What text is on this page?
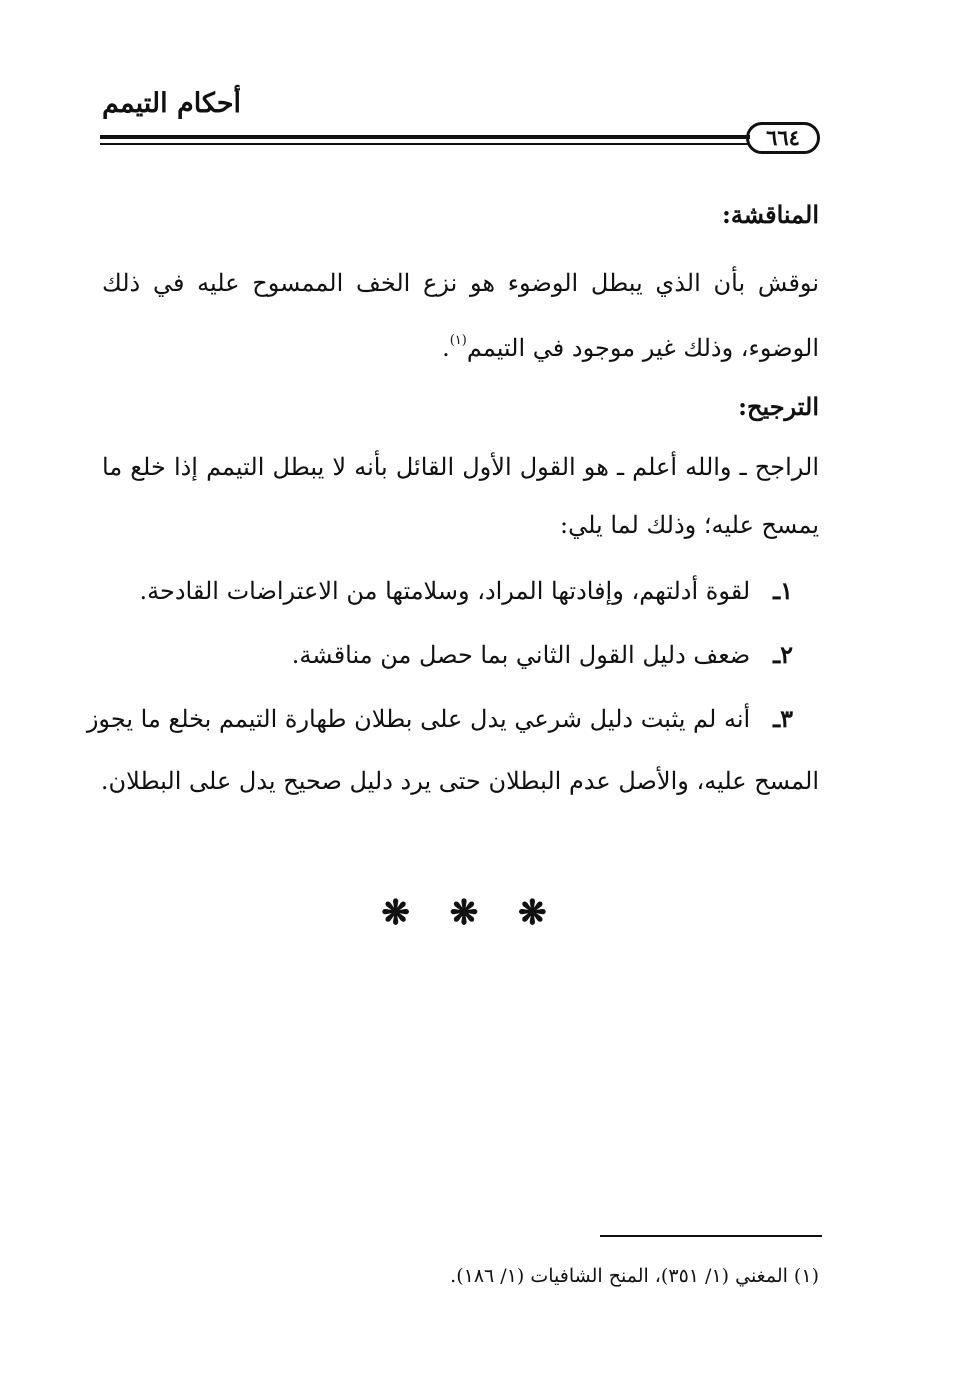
أحكام التيمم
٦٦٤
المناقشة:
نوقش بأن الذي يبطل الوضوء هو نزع الخف الممسوح عليه في ذلك
الوضوء، وذلك غير موجود في التيمم$^{(١)}$.
الترجيح:
الراجح ـ والله أعلم ـ هو القول الأول القائل بأنه لا يبطل التيمم إذا خلع ما
يمسح عليه؛ وذلك لما يلي:
١ـ   لقوة أدلتهم، وإفادتها المراد، وسلامتها من الاعتراضات القادحة.
٢ـ   ضعف دليل القول الثاني بما حصل من مناقشة.
٣ـ   أنه لم يثبت دليل شرعي يدل على بطلان طهارة التيمم بخلع ما يجوز
المسح عليه، والأصل عدم البطلان حتى يرد دليل صحيح يدل على البطلان.
❋ ❋ ❋
(١) المغني (١/ ٣٥١)، المنح الشافيات (١/ ١٨٦).
